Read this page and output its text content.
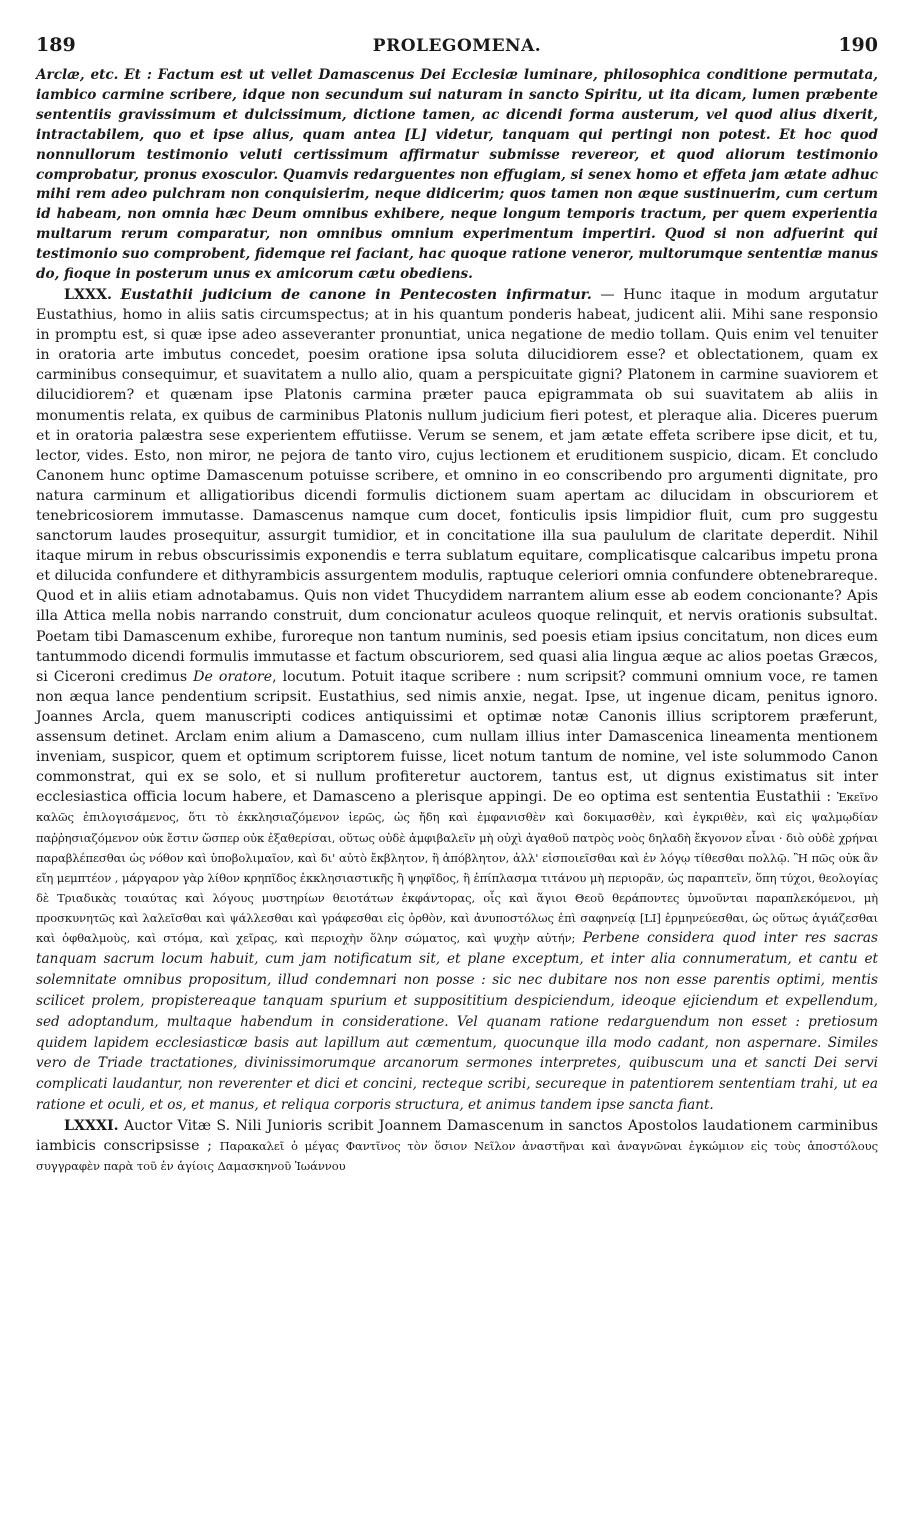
189	PROLEGOMENA.	190

Arclæ, etc. Et : Factum est ut vellet Damascenus Dei Ecclesiæ luminare, philosophica conditione permutata, iambico carmine scribere, idque non secundum sui naturam in sancto Spiritu, ut ita dicam, lumen præbente sententiis gravissimum et dulcissimum, dictione tamen, ac dicendi forma austerum, vel quod alius dixerit, intractabilem, quo et ipse alius, quam antea [L] videtur, tanquam qui pertingi non potest. Et hoc quod nonnullorum testimonio veluti certissimum affirmatur submisse revereor, et quod aliorum testimonio comprobatur, pronus exosculor. Quamvis redarguentes non effugiam, si senex homo et effeta jam ætate adhuc mihi rem adeo pulchram non conquisierim, neque didicerim; quos tamen non æque sustinuerim, cum certum id habeam, non omnia hæc Deum omnibus exhibere, neque longum temporis tractum, per quem experientia multarum rerum comparatur, non omnibus omnium experimentum impertiri. Quod si non adfuerint qui testimonio suo comprobent, fidemque rei faciant, hac quoque ratione veneror, multorumque sententiæ manus do, fioque in posterum unus ex amicorum cætu obediens.

LXXX. Eustathii judicium de canone in Pentecosten infirmatur. — Hunc itaque in modum argutatur Eustathius, homo in aliis satis circumspectus; at in his quantum ponderis habeat, judicent alii. Mihi sane responsio in promptu est, si quæ ipse adeo asseveranter pronuntiat, unica negatione de medio tollam. Quis enim vel tenuiter in oratoria arte imbutus concedet, poesim oratione ipsa soluta dilucidiorem esse? et oblectationem, quam ex carminibus consequimur, et suavitatem a nullo alio, quam a perspicuitate gigni? Platonem in carmine suaviorem et dilucidiorem? et quænam ipse Platonis carmina præter pauca epigrammata ob sui suavitatem ab aliis in monumentis relata, ex quibus de carminibus Platonis nullum judicium fieri potest, et pleraque alia. Diceres puerum et in oratoria palæstra sese experientem effutiisse. Verum se senem, et jam ætate effeta scribere ipse dicit, et tu, lector, vides. Esto, non miror, ne pejora de tanto viro, cujus lectionem et eruditionem suspicio, dicam. Et concludo Canonem hunc optime Damascenum potuisse scribere, et omnino in eo conscribendo pro argumenti dignitate, pro natura carminum et alligatioribus dicendi formulis dictionem suam apertam ac dilucidam in obscuriorem et tenebricosiorem immutasse. Damascenus namque cum docet, fonticulis ipsis limpidior fluit, cum pro suggestu sanctorum laudes prosequitur, assurgit tumidior, et in concitatione illa sua paululum de claritate deperdit. Nihil itaque mirum in rebus obscurissimis exponendis e terra sublatum equitare, complicatisque calcaribus impetu prona et dilucida confundere et dithyrambicis assurgentem modulis, raptuque celeriori omnia confundere obtenebrareque. Quod et in aliis etiam adnotabamus. Quis non videt Thucydidem narrantem alium esse ab eodem concionante? Apis illa Attica mella nobis narrando construit, dum concionatur aculeos quoque relinquit, et nervis orationis subsultat. Poetam tibi Damascenum exhibe, furoreque non tantum numinis, sed poesis etiam ipsius concitatum, non dices eum tantummodo dicendi formulis immutasse et factum obscuriorem, sed quasi alia lingua æque ac alios poetas Græcos, si Ciceroni credimus De oratore, locutum. Potuit itaque scribere : num scripsit? communi omnium voce, re tamen non æqua lance pendentium scripsit. Eustathius, sed nimis anxie, negat. Ipse, ut ingenue dicam, penitus ignoro. Joannes Arcla, quem manuscripti codices antiquissimi et optimæ notæ Canonis illius scriptorem præferunt, assensum detinet. Arclam enim alium a Damasceno, cum nullam illius inter Damascenica lineamenta mentionem inveniam, suspicor, quem et optimum scriptorem fuisse, licet notum tantum de nomine, vel iste solummodo Canon commonstrat, qui ex se solo, et si nullum profiteretur auctorem, tantus est, ut dignus existimatus sit inter ecclesiastica officia locum habere, et Damasceno a plerisque appingi. De eo optima est sententia Eustathii : Ἐκεῖνο καλῶς ἐπιλογισάμενος, ὅτι τὸ ἐκκλησιαζόμενον ἱερῶς, ὡς ἤδη καὶ ἐμφανισθὲν καὶ δοκιμασθὲν, καὶ ἐγκριθὲν, καὶ εἰς ψαλμῳδίαν παῤῥησιαζόμενον οὐκ ἔστιν ὥσπερ οὐκ ἐξαθερίσαι, οὕτως οὐδὲ ἀμφιβαλεῖν μὴ οὐχὶ ἀγαθοῦ πατρὸς νοὸς δηλαδὴ ἔκγονον εἶναι · διὸ οὐδὲ χρήναι παραβλέπεσθαι ὡς νόθον καὶ ὑποβολιμαῖον, καὶ δι' αὐτὸ ἔκβλητον, ἢ ἀπόβλητον, ἀλλ' εἰσποιεῖσθαι καὶ ἐν λόγῳ τίθεσθαι πολλῷ. Ἢ πῶς οὐκ ἂν εἴη μεμπτέον , μάργαρον γὰρ λίθον κρηπῖδος ἐκκλησιαστικῆς ἢ ψηφῖδος, ἢ ἐπίπλασμα τιτάνου μὴ περιορᾶν, ὡς παραπτεῖν, ὅπη τύχοι, θεολογίας δὲ Τριαδικὰς τοιαύτας καὶ λόγους μυστηρίων θειοτάτων ἐκφάντορας, οἷς καὶ ἅγιοι Θεοῦ θεράποντες ὑμνοῦνται παραπλεκόμενοι, μὴ προσκυνητῶς καὶ λαλεῖσθαι καὶ ψάλλεσθαι καὶ γράφεσθαι εἰς ὀρθὸν, καὶ ἀνυποστόλως ἐπὶ σαφηνείᾳ [LI] ἑρμηνεύεσθαι, ὡς οὕτως ἁγιάζεσθαι καὶ ὀφθαλμοὺς, καὶ στόμα, καὶ χεῖρας, καὶ περιοχὴν ὅλην σώματος, καὶ ψυχὴν αὐτήν; Perbene considera quod inter res sacras tanquam sacrum locum habuit, cum jam notificatum sit, et plane exceptum, et inter alia connumeratum, et cantu et solemnitate omnibus propositum, illud condemnari non posse : sic nec dubitare nos non esse parentis optimi, mentis scilicet prolem, propistereaque tanquam spurium et supposititium despiciendum, ideoque ejiciendum et expellendum, sed adoptandum, multaque habendum in consideratione. Vel quanam ratione redarguendum non esset : pretiosum quidem lapidem ecclesiasticæ basis aut lapillum aut cæmentum, quocunque illa modo cadant, non aspernare. Similes vero de Triade tractationes, divinissimorumque arcanorum sermones interpretes, quibuscum una et sancti Dei servi complicati laudantur, non reverenter et dici et concini, recteque scribi, secureque in patentiorem sententiam trahi, ut ea ratione et oculi, et os, et manus, et reliqua corporis structura, et animus tandem ipse sancta fiant.

LXXXI. Auctor Vitæ S. Nili Junioris scribit Joannem Damascenum in sanctos Apostolos laudationem carminibus iambicis conscripsisse ; Παρακαλεῖ ὁ μέγας Φαντῖνος τὸν ὅσιον Νεῖλον ἀναστῆναι καὶ ἀναγνῶναι ἐγκώμιον εἰς τοὺς ἀποστόλους συγγραφὲν παρὰ τοῦ ἐν ἁγίοις Δαμασκηνοῦ Ἰωάννου
